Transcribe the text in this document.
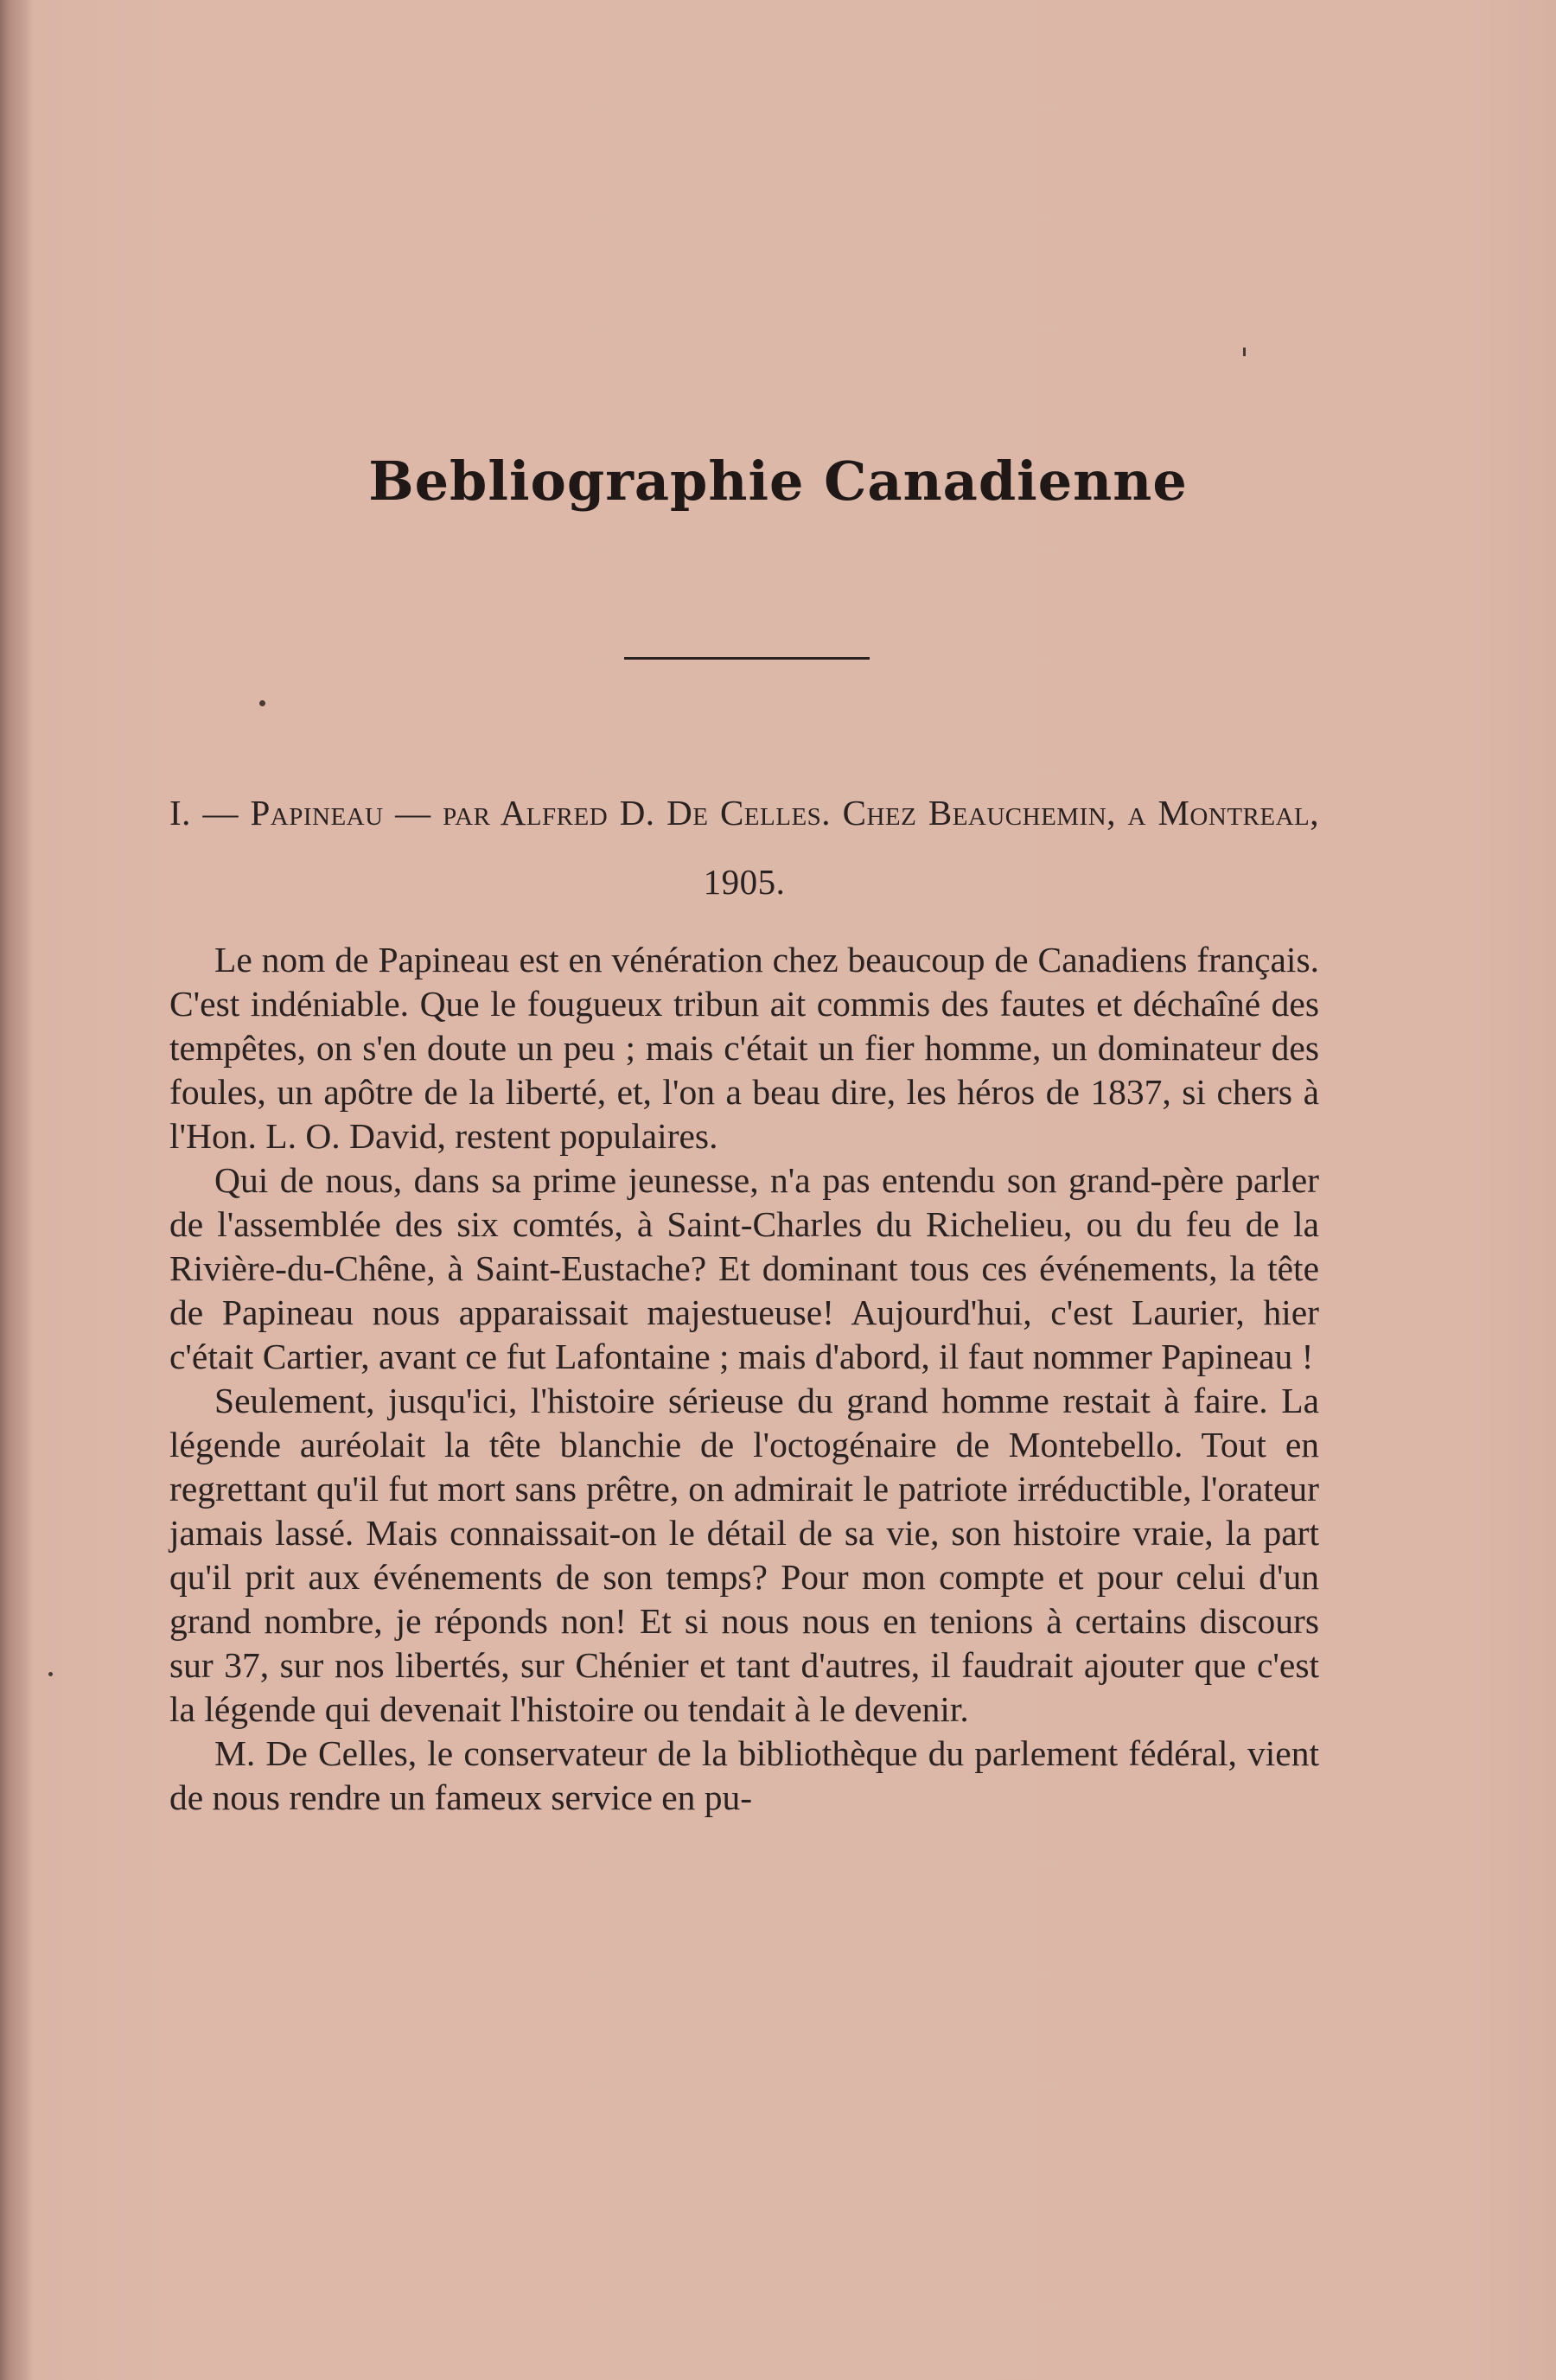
Bebliographie Canadienne
I. — Papineau — par Alfred D. De Celles. Chez Beauchemin, a Montreal, 1905.

Le nom de Papineau est en vénération chez beaucoup de Canadiens français. C'est indéniable. Que le fougueux tribun ait commis des fautes et déchaîné des tempêtes, on s'en doute un peu ; mais c'était un fier homme, un dominateur des foules, un apôtre de la liberté, et, l'on a beau dire, les héros de 1837, si chers à l'Hon. L. O. David, restent populaires.

Qui de nous, dans sa prime jeunesse, n'a pas entendu son grand-père parler de l'assemblée des six comtés, à Saint-Charles du Richelieu, ou du feu de la Rivière-du-Chêne, à Saint-Eustache? Et dominant tous ces événements, la tête de Papineau nous apparaissait majestueuse! Aujourd'hui, c'est Laurier, hier c'était Cartier, avant ce fut Lafontaine ; mais d'abord, il faut nommer Papineau !

Seulement, jusqu'ici, l'histoire sérieuse du grand homme restait à faire. La légende auréolait la tête blanchie de l'octogénaire de Montebello. Tout en regrettant qu'il fut mort sans prêtre, on admirait le patriote irréductible, l'orateur jamais lassé. Mais connaissait-on le détail de sa vie, son histoire vraie, la part qu'il prit aux événements de son temps? Pour mon compte et pour celui d'un grand nombre, je réponds non! Et si nous nous en tenions à certains discours sur 37, sur nos libertés, sur Chénier et tant d'autres, il faudrait ajouter que c'est la légende qui devenait l'histoire ou tendait à le devenir.

M. De Celles, le conservateur de la bibliothèque du parlement fédéral, vient de nous rendre un fameux service en pu-
